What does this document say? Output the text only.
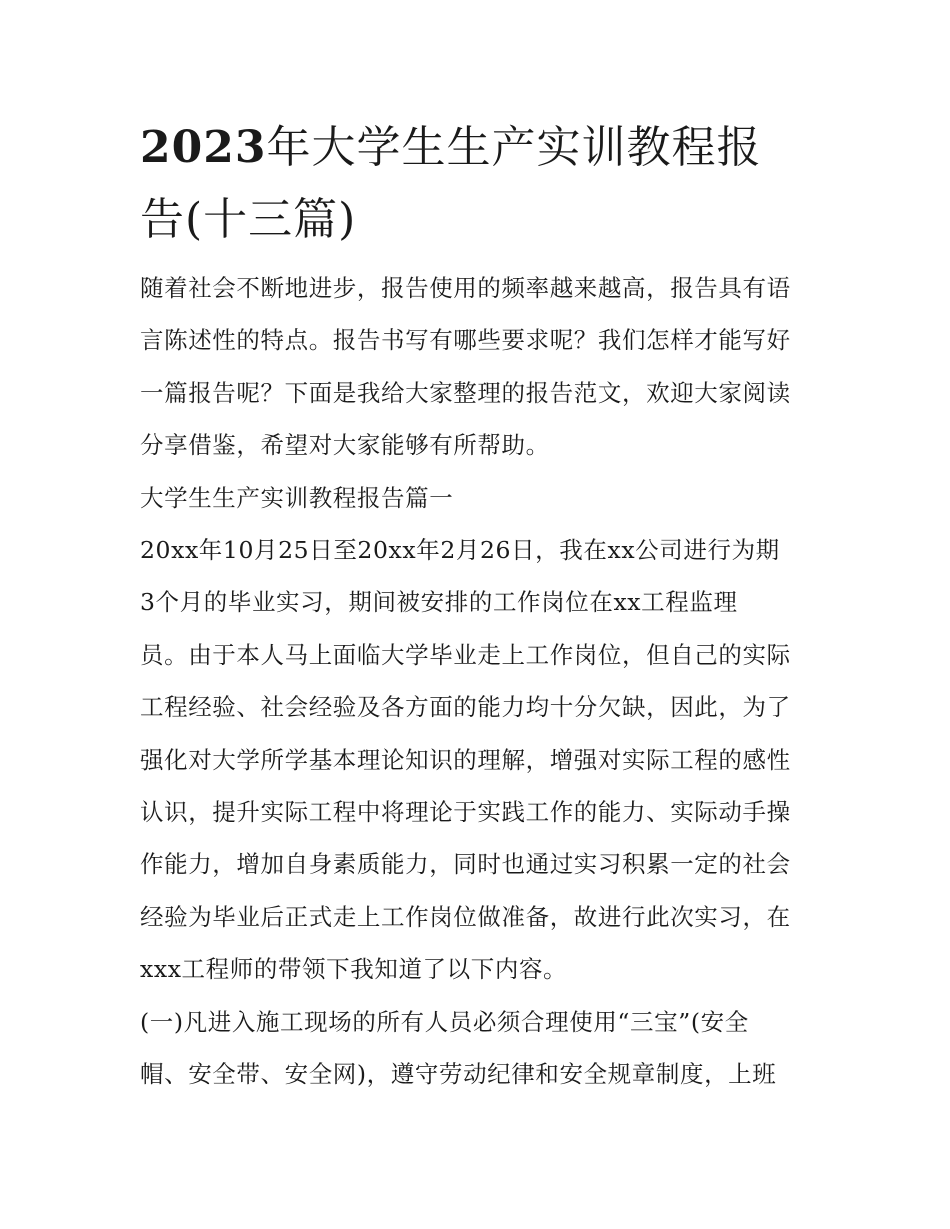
2023年大学生生产实训教程报
告(十三篇)
随着社会不断地进步，报告使用的频率越来越高，报告具有语
言陈述性的特点。报告书写有哪些要求呢？我们怎样才能写好
一篇报告呢？下面是我给大家整理的报告范文，欢迎大家阅读
分享借鉴，希望对大家能够有所帮助。
大学生生产实训教程报告篇一
20xx年10月25日至20xx年2月26日，我在xx公司进行为期
3个月的毕业实习，期间被安排的工作岗位在xx工程监理
员。由于本人马上面临大学毕业走上工作岗位，但自己的实际
工程经验、社会经验及各方面的能力均十分欠缺，因此，为了
强化对大学所学基本理论知识的理解，增强对实际工程的感性
认识，提升实际工程中将理论于实践工作的能力、实际动手操
作能力，增加自身素质能力，同时也通过实习积累一定的社会
经验为毕业后正式走上工作岗位做准备，故进行此次实习，在
xxx工程师的带领下我知道了以下内容。
(一)凡进入施工现场的所有人员必须合理使用“三宝”(安全
帽、安全带、安全网)，遵守劳动纪律和安全规章制度，上班
